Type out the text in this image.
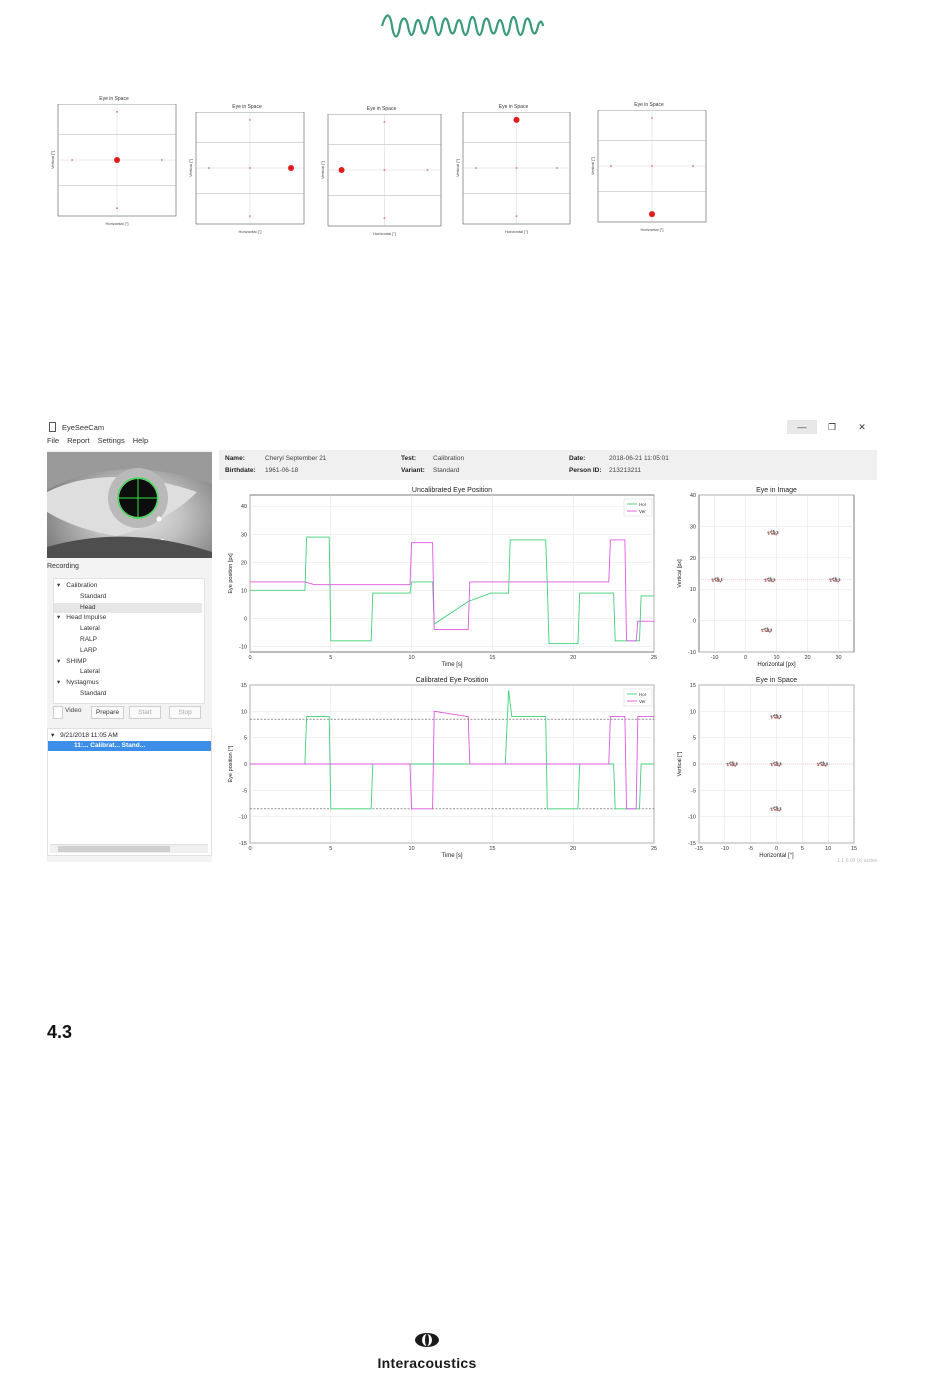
Eye in Space
Horizontal [°]
Vertical [°]
Eye in Space
Horizontal [°]
Vertical [°]
Eye in Space
Horizontal [°]
Vertical [°]
Eye in Space
Horizontal [°]
Vertical [°]
Eye in Space
Horizontal [°]
Vertical [°]
EyeSeeCam	—	❐	✕
File Report Settings Help
Name:	Cheryl September 21
Birthdate: 1961-06-18
Test:	Calibration
Variant: Standard
Date:	2018-06-21 11:05:01
Person ID: 213213211
Recording
▾ Calibration
Standard
Head
▾ Head Impulse
Lateral
RALP
LARP
▾ SHIMP
Lateral
▾ Nystagmus
Standard
Video	Prepare	Start	Stop
▾ 9/21/2018 11:05 AM
11:... Calibrat... Stand...
0	5	10	15	20	25
-10
0
10
20
30
40
Uncalibrated Eye Position
Time [s]
Eye position [px]
Hor
Ver
-10	0	10	20	30
-10
0
10
20
30
40
Eye in Image
Horizontal [px]
Vertical [px]
0	5	10	15	20	25
-15
-10
-5
0
5
10
15
Calibrated Eye Position
Time [s]
Eye position [°]
Hor
Ver
-15	-10	-5	0	5	10	15
-15
-10
-5
0
5
10
15
Eye in Space
Horizontal [°]
Vertical [°]
1.1.0.00 (x) active
4.3
Interacoustics
